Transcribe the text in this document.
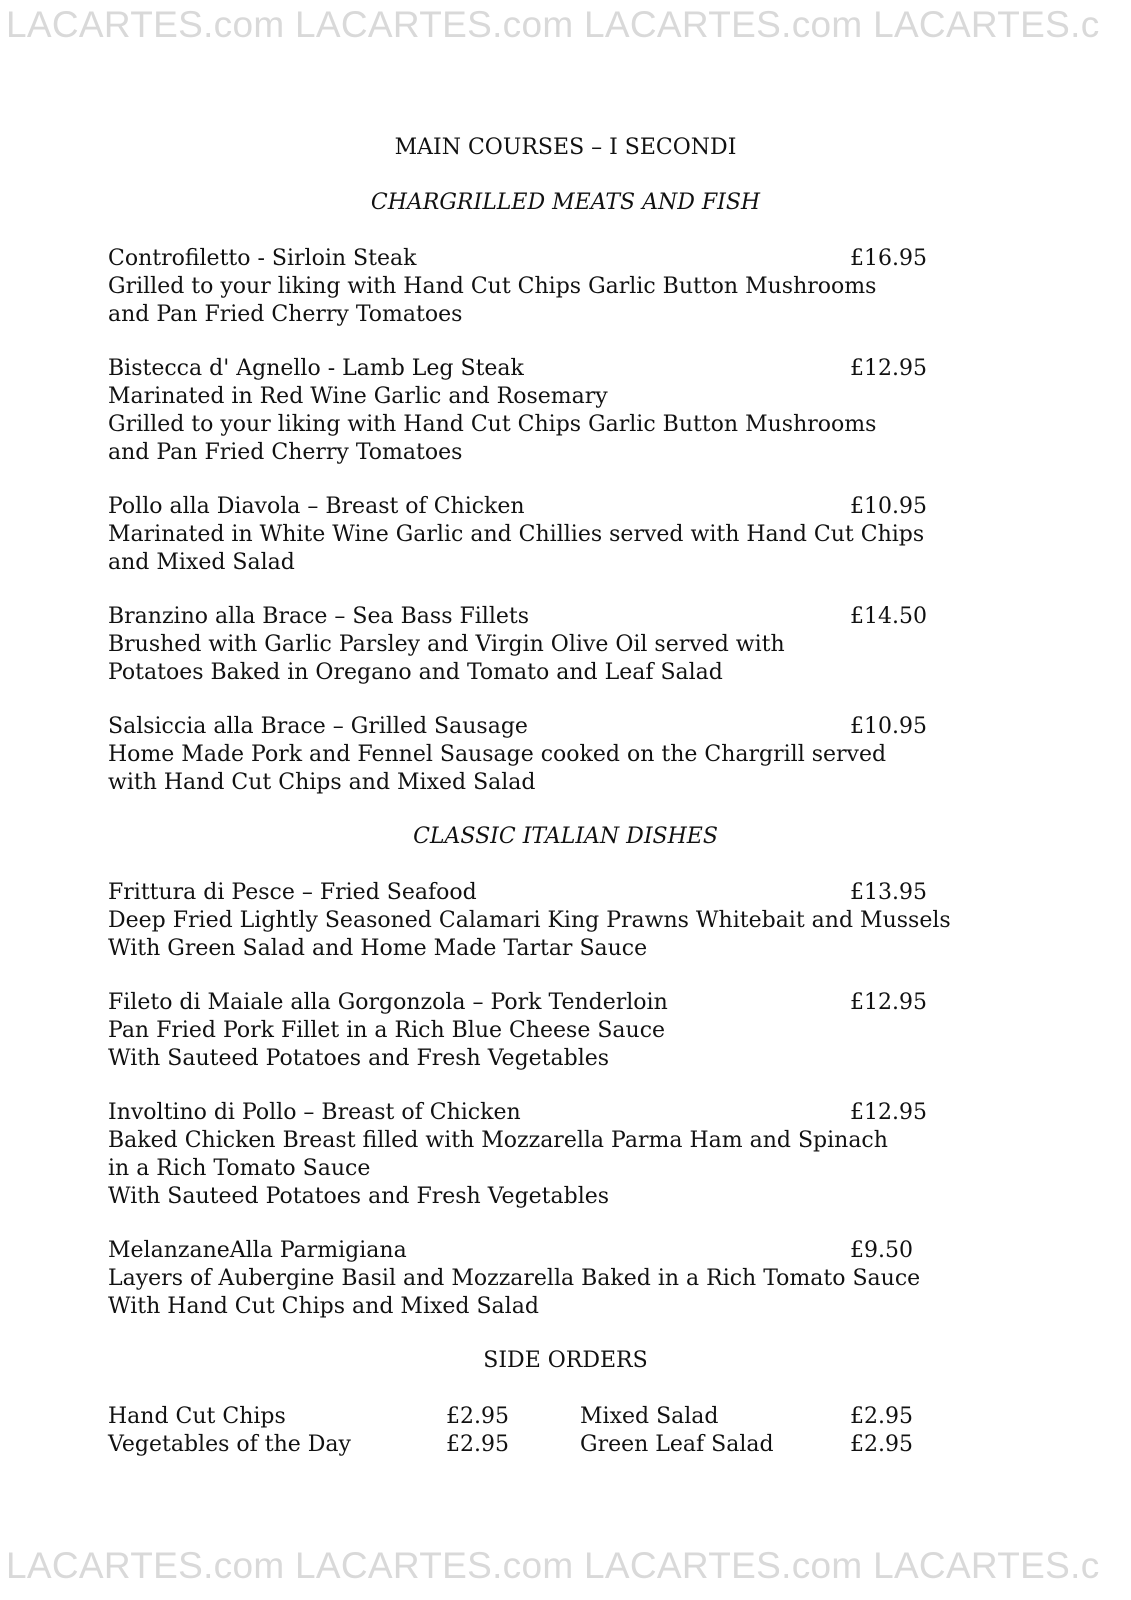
LACARTES.com LACARTES.com LACARTES.com LACARTES.c
MAIN COURSES – I SECONDI
CHARGRILLED MEATS AND FISH
Controfiletto - Sirloin Steak	£16.95
Grilled to your liking with Hand Cut Chips Garlic Button Mushrooms
and Pan Fried Cherry Tomatoes
Bistecca d' Agnello - Lamb Leg Steak	£12.95
Marinated in Red Wine Garlic and Rosemary
Grilled to your liking with Hand Cut Chips Garlic Button Mushrooms
and Pan Fried Cherry Tomatoes
Pollo alla Diavola – Breast of Chicken	£10.95
Marinated in White Wine Garlic and Chillies served with Hand Cut Chips
and Mixed Salad
Branzino alla Brace – Sea Bass Fillets	£14.50
Brushed with Garlic Parsley and Virgin Olive Oil served with
Potatoes Baked in Oregano and Tomato and Leaf Salad
Salsiccia alla Brace – Grilled Sausage	£10.95
Home Made Pork and Fennel Sausage cooked on the Chargrill served
with Hand Cut Chips and Mixed Salad
CLASSIC ITALIAN DISHES
Frittura di Pesce – Fried Seafood	£13.95
Deep Fried Lightly Seasoned Calamari King Prawns Whitebait and Mussels
With Green Salad and Home Made Tartar Sauce
Fileto di Maiale alla Gorgonzola – Pork Tenderloin	£12.95
Pan Fried Pork Fillet in a Rich Blue Cheese Sauce
With Sauteed Potatoes and Fresh Vegetables
Involtino di Pollo – Breast of Chicken	£12.95
Baked Chicken Breast filled with Mozzarella Parma Ham and Spinach
in a Rich Tomato Sauce
With Sauteed Potatoes and Fresh Vegetables
MelanzaneAlla Parmigiana	£9.50
Layers of Aubergine Basil and Mozzarella Baked in a Rich Tomato Sauce
With Hand Cut Chips and Mixed Salad
SIDE ORDERS
Hand Cut Chips	£2.95	Mixed Salad	£2.95
Vegetables of the Day	£2.95	Green Leaf Salad	£2.95
LACARTES.com LACARTES.com LACARTES.com LACARTES.c
